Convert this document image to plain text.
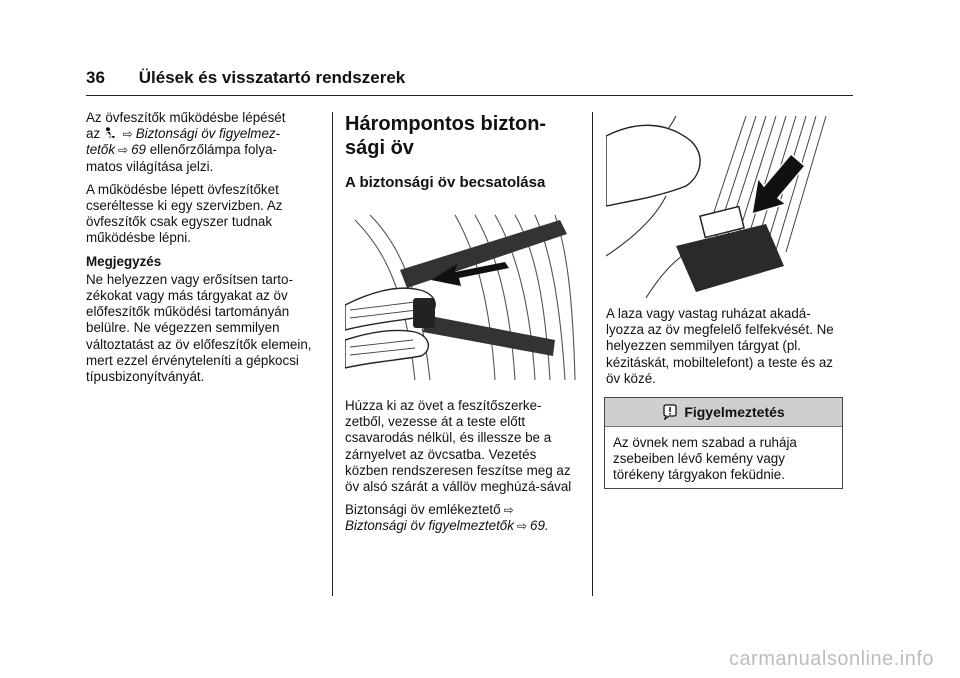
36 Ülések és visszatartó rendszerek

Az övfeszítők működésbe lépését
az ⇨ Biztonsági öv figyelmez-
tetők ⇨ 69 ellenőrzőlámpa folya-
matos világítása jelzi.

A működésbe lépett övfeszítőket cseréltesse ki egy szervizben. Az övfeszítők csak egyszer tudnak működésbe lépni.

Megjegyzés

Ne helyezzen vagy erősítsen tarto-zékokat vagy más tárgyakat az öv előfeszítők működési tartományán belülre. Ne végezzen semmilyen változtatást az öv előfeszítők elemein, mert ezzel érvényteleníti a gépkocsi típusbizonyítványát.

Hárompontos bizton-
sági öv
A biztonsági öv becsatolása

Húzza ki az övet a feszítőszerke-zetből, vezesse át a teste előtt csavarodás nélkül, és illessze be a zárnyelvet az övcsatba. Vezetés közben rendszeresen feszítse meg az öv alsó szárát a vállöv meghúzá-sával

Biztonsági öv emlékeztető ⇨
Biztonsági öv figyelmeztetők ⇨ 69.

A laza vagy vastag ruházat akadá-lyozza az öv megfelelő felfekvését. Ne helyezzen semmilyen tárgyat (pl. kézitáskát, mobiltelefont) a teste és az öv közé.

Figyelmeztetés
Az övnek nem szabad a ruhája zsebeiben lévő kemény vagy törékeny tárgyakon feküdnie.
carmanualsonline.info
